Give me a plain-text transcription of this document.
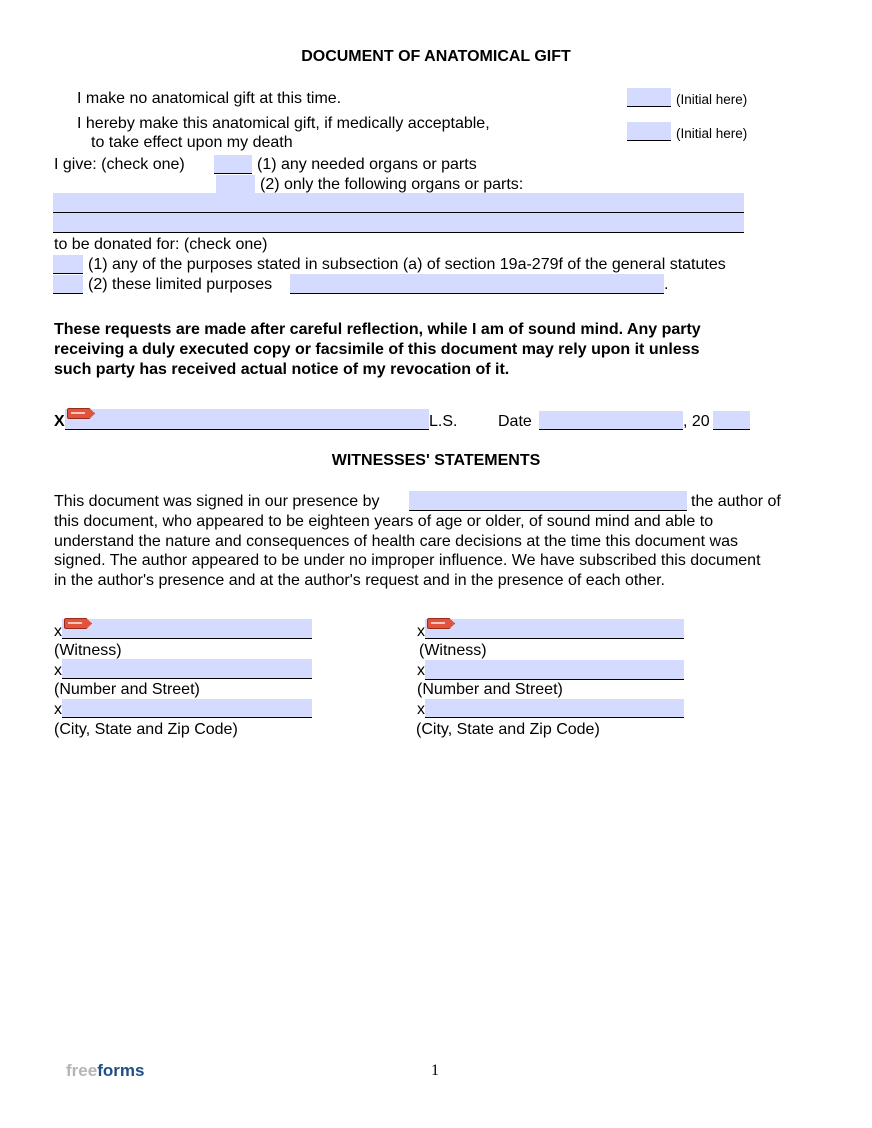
DOCUMENT OF ANATOMICAL GIFT
I make no anatomical gift at this time.	(Initial here)
I hereby make this anatomical gift, if medically acceptable,
to take effect upon my death
(Initial here)
I give: (check one)	(1) any needed organs or parts
(2) only the following organs or parts:
to be donated for: (check one)
(1) any of the purposes stated in subsection (a) of section 19a-279f of the general statutes
(2) these limited purposes	.
These requests are made after careful reflection, while I am of sound mind. Any party
receiving a duly executed copy or facsimile of this document may rely upon it unless
such party has received actual notice of my revocation of it.
X	L.S.	Date	, 20
WITNESSES' STATEMENTS
This document was signed in our presence by	the author of
this document, who appeared to be eighteen years of age or older, of sound mind and able to
understand the nature and consequences of health care decisions at the time this document was
signed. The author appeared to be under no improper influence. We have subscribed this document
in the author's presence and at the author's request and in the presence of each other.
x
(Witness)
x
(Number and Street)
x
(City, State and Zip Code)
x
(Witness)
x
(Number and Street)
x
(City, State and Zip Code)
freeforms	1
